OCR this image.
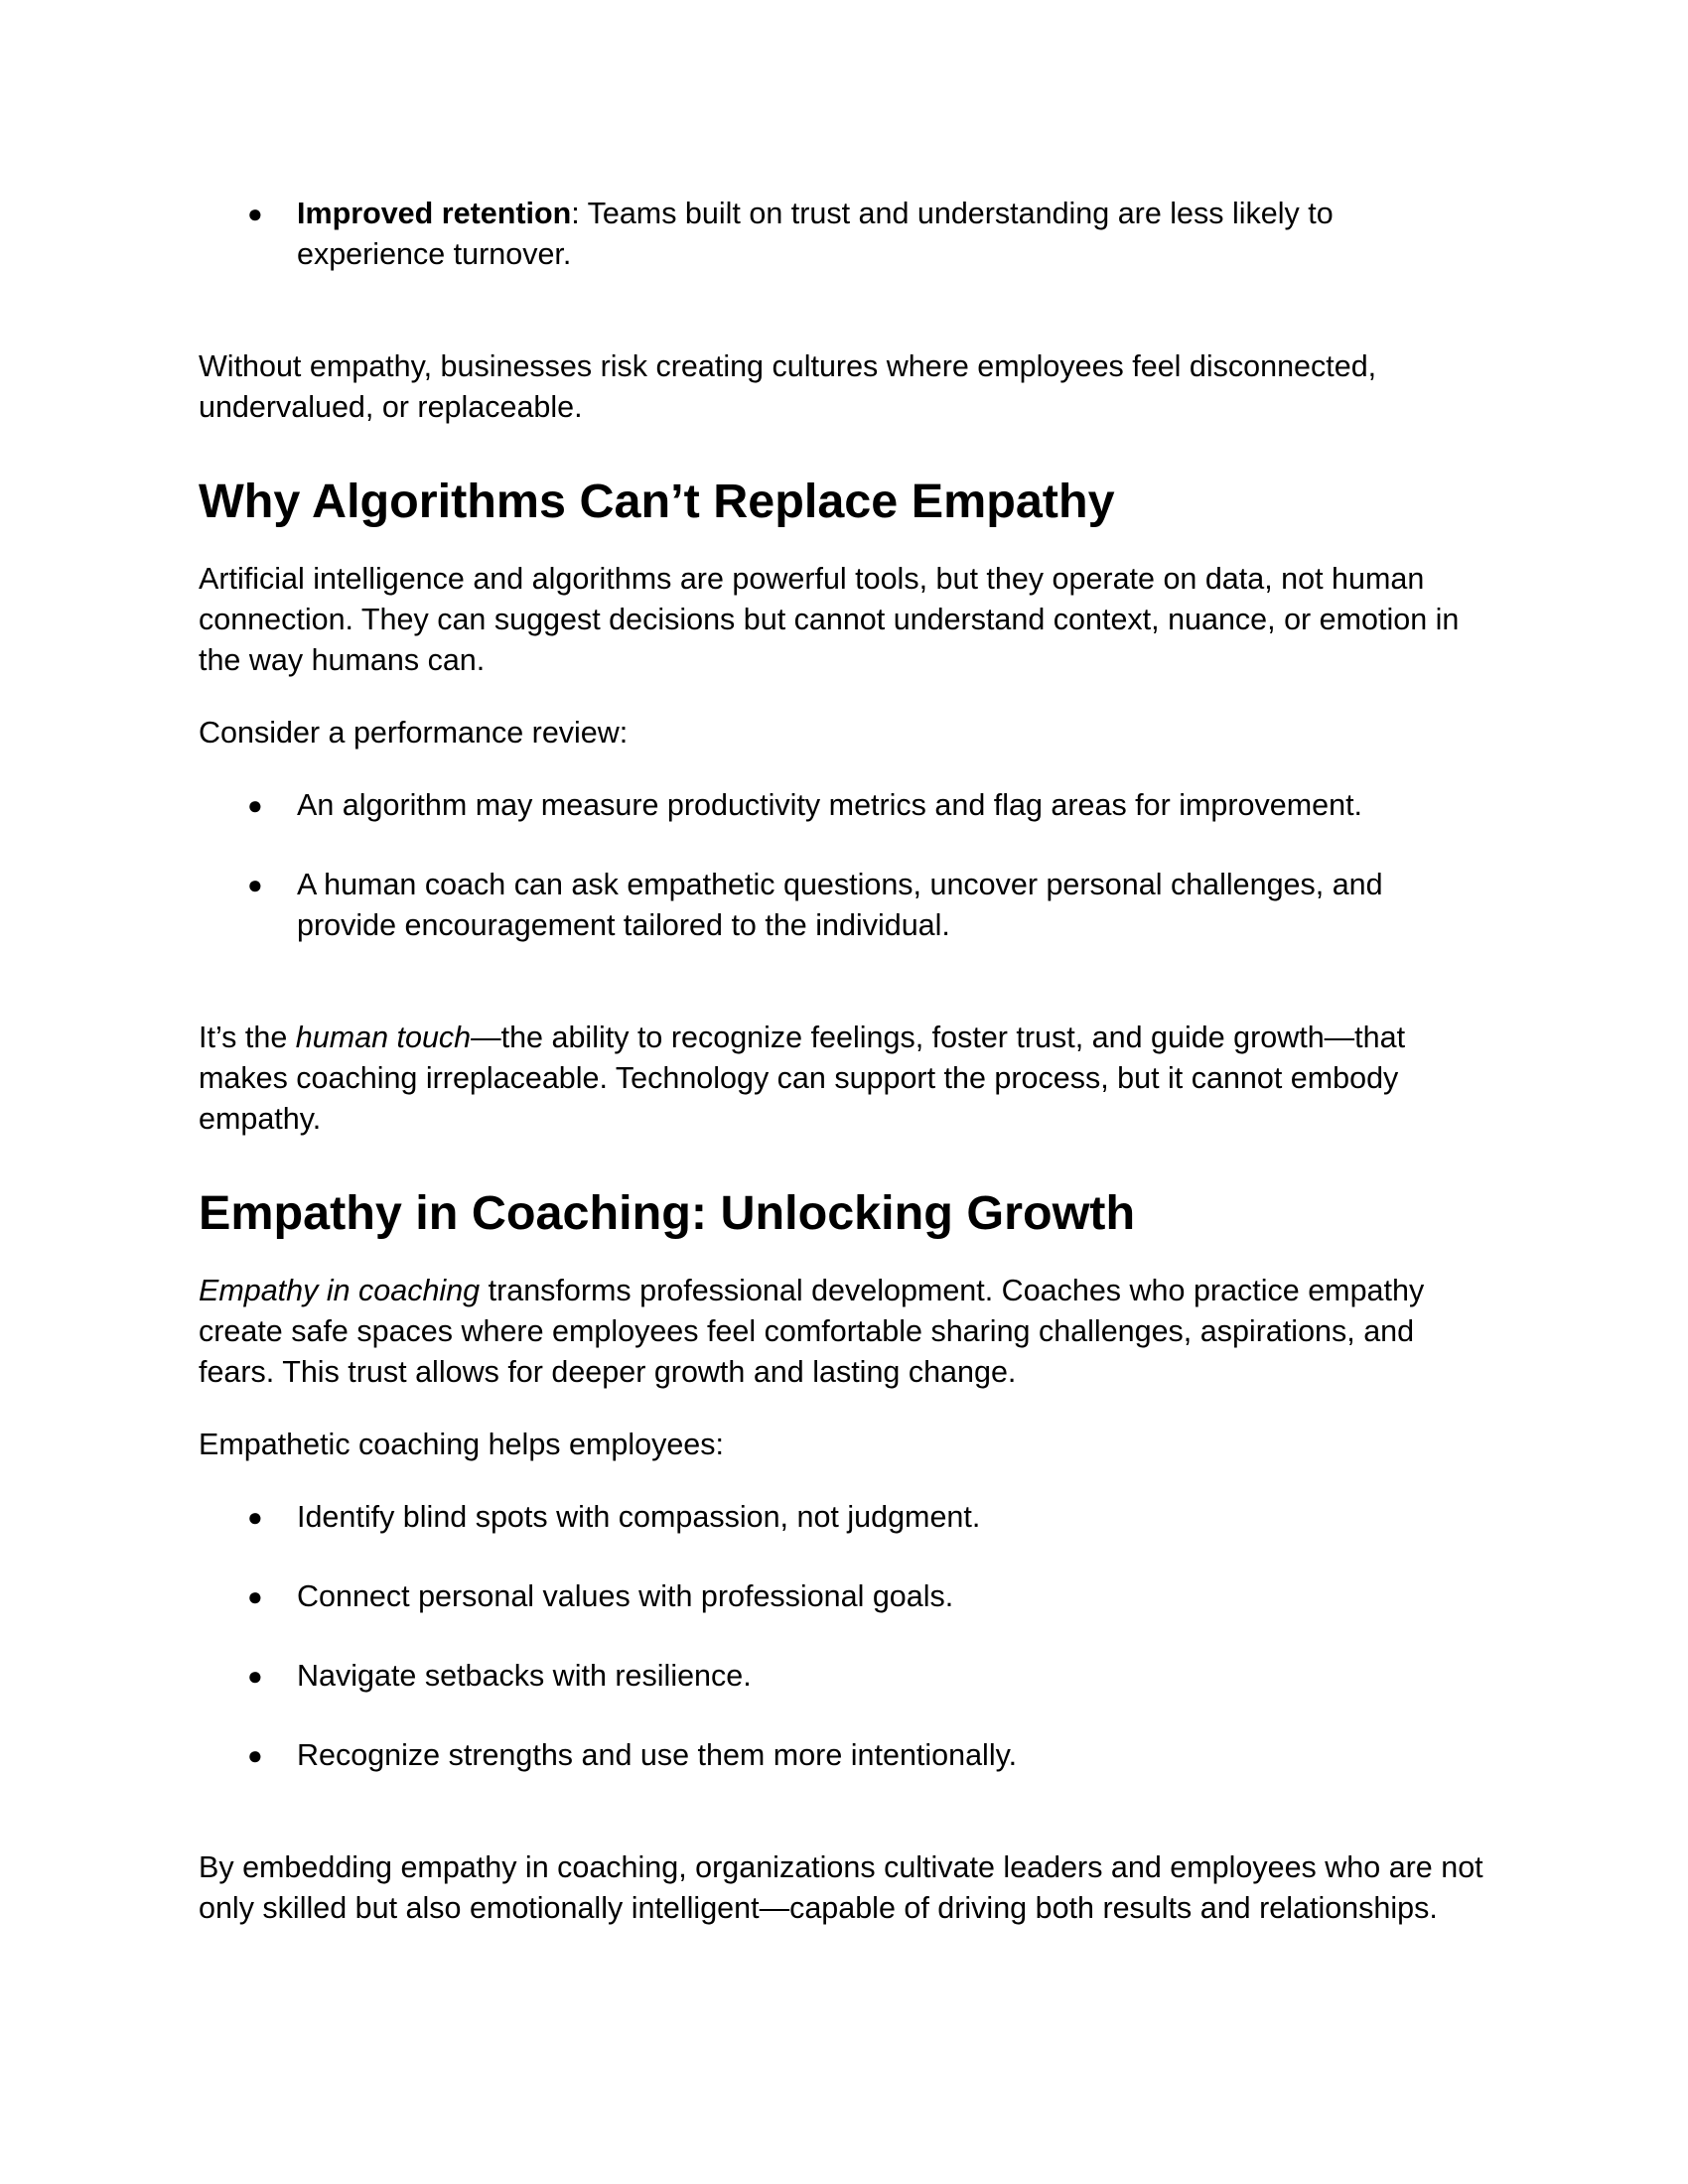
● Improved retention: Teams built on trust and understanding are less likely to experience turnover.

Without empathy, businesses risk creating cultures where employees feel disconnected, undervalued, or replaceable.

Why Algorithms Can’t Replace Empathy

Artificial intelligence and algorithms are powerful tools, but they operate on data, not human connection. They can suggest decisions but cannot understand context, nuance, or emotion in the way humans can.

Consider a performance review:

● An algorithm may measure productivity metrics and flag areas for improvement.
● A human coach can ask empathetic questions, uncover personal challenges, and provide encouragement tailored to the individual.

It’s the human touch—the ability to recognize feelings, foster trust, and guide growth—that makes coaching irreplaceable. Technology can support the process, but it cannot embody empathy.

Empathy in Coaching: Unlocking Growth

Empathy in coaching transforms professional development. Coaches who practice empathy create safe spaces where employees feel comfortable sharing challenges, aspirations, and fears. This trust allows for deeper growth and lasting change.

Empathetic coaching helps employees:

● Identify blind spots with compassion, not judgment.
● Connect personal values with professional goals.
● Navigate setbacks with resilience.
● Recognize strengths and use them more intentionally.

By embedding empathy in coaching, organizations cultivate leaders and employees who are not only skilled but also emotionally intelligent—capable of driving both results and relationships.
